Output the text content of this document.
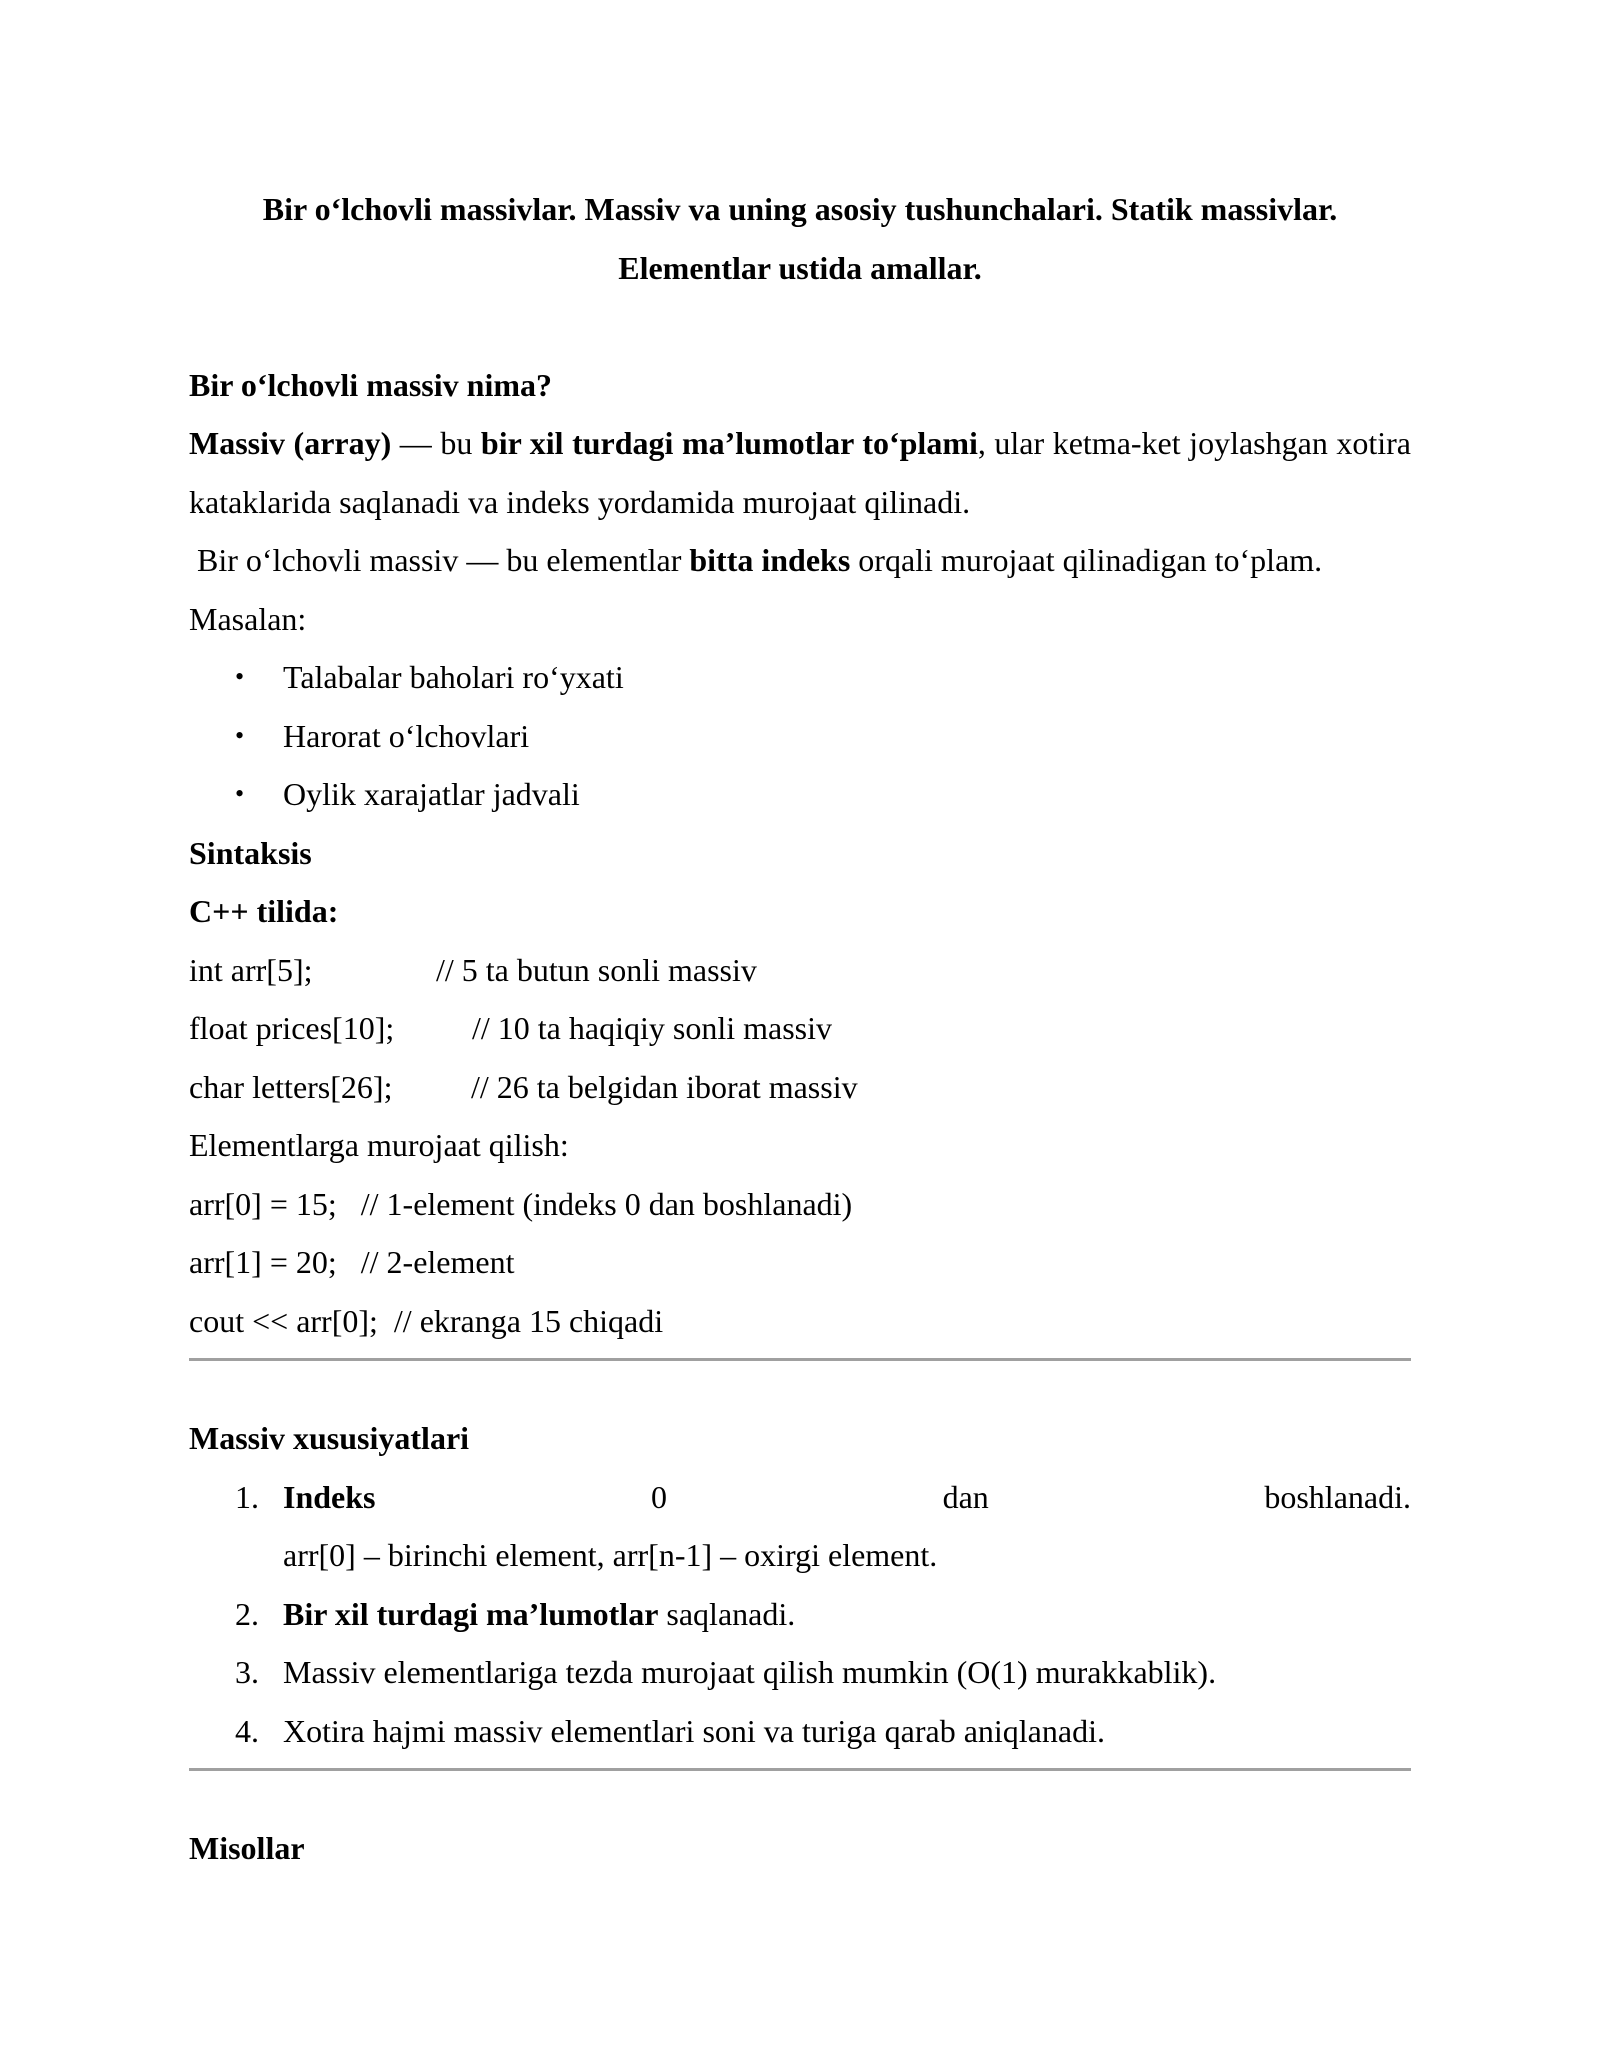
Bir o‘lchovli massivlar. Massiv va uning asosiy tushunchalari. Statik massivlar.

Elementlar ustida amallar.

Bir o‘lchovli massiv nima?

Massiv (array) — bu bir xil turdagi ma’lumotlar to‘plami, ular ketma-ket joylashgan xotira kataklarida saqlanadi va indeks yordamida murojaat qilinadi.

Bir o‘lchovli massiv — bu elementlar bitta indeks orqali murojaat qilinadigan to‘plam.

Masalan:

• Talabalar baholari ro‘yxati
• Harorat o‘lchovlari
• Oylik xarajatlar jadvali

Sintaksis

C++ tilida:

int arr[5];

	// 5 ta butun sonli massiv

float prices[10];

// 10 ta haqiqiy sonli massiv

char letters[26];

// 26 ta belgidan iborat massiv

Elementlarga murojaat qilish:

arr[0] = 15;   // 1-element (indeks 0 dan boshlanadi)

arr[1] = 20;   // 2-element

cout << arr[0];  // ekranga 15 chiqadi

Massiv xususiyatlari

1. Indeks	0	dan	boshlanadi.
arr[0] – birinchi element, arr[n-1] – oxirgi element.
2. Bir xil turdagi ma’lumotlar saqlanadi.
3. Massiv elementlariga tezda murojaat qilish mumkin (O(1) murakkablik).
4. Xotira hajmi massiv elementlari soni va turiga qarab aniqlanadi.

Misollar
